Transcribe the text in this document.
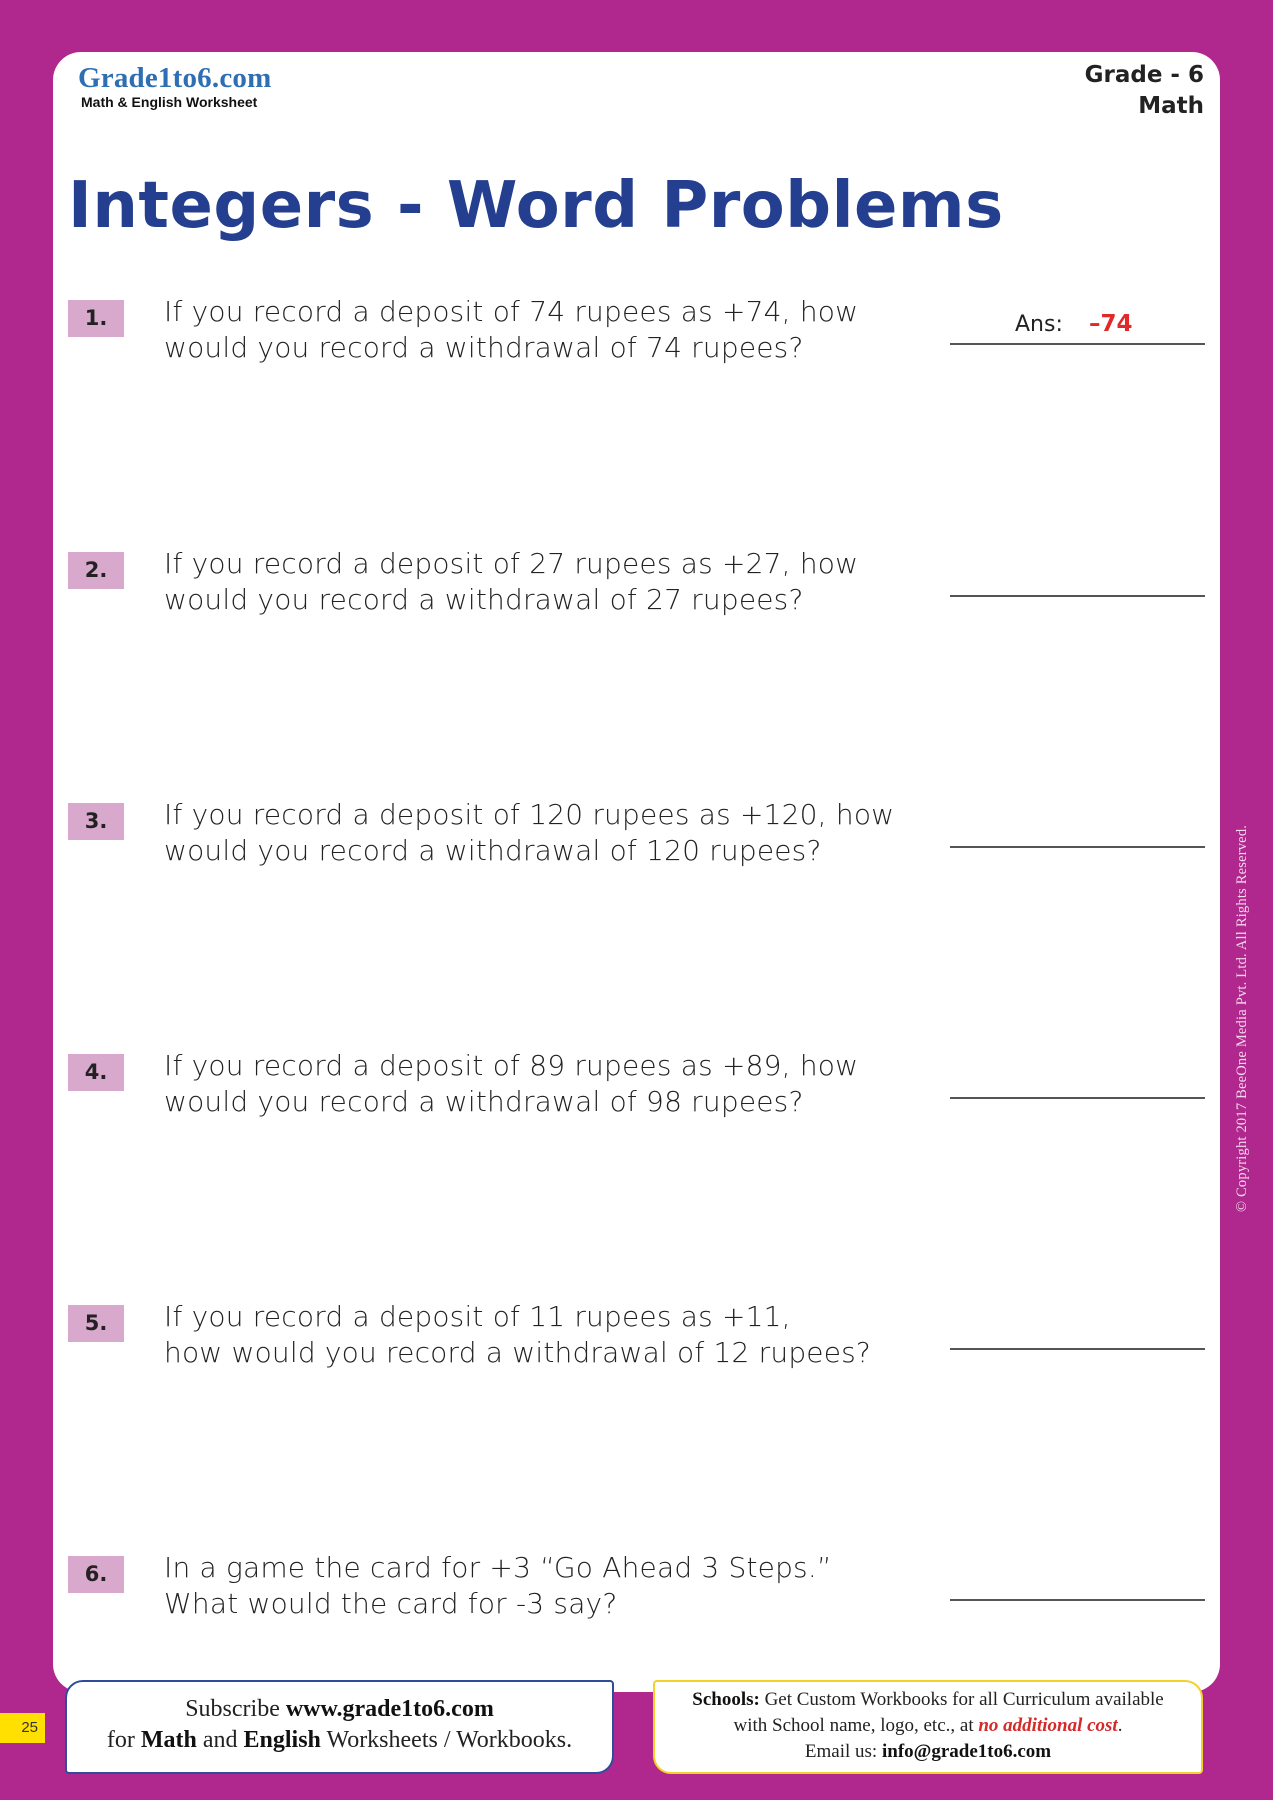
Grade1to6.com
Math & English Worksheet
Grade - 6
Math
Integers - Word Problems
1.	If you record a deposit of 74 rupees as +74, how
would you record a withdrawal of 74 rupees?
Ans: –74
2.	If you record a deposit of 27 rupees as +27, how
would you record a withdrawal of 27 rupees?
3.	If you record a deposit of 120 rupees as +120, how
would you record a withdrawal of 120 rupees?
4.	If you record a deposit of 89 rupees as +89, how
would you record a withdrawal of 98 rupees?
5.	If you record a deposit of 11 rupees as +11,
how would you record a withdrawal of 12 rupees?
6.	In a game the card for +3 “Go Ahead 3 Steps.”
What would the card for -3 say?
© Copyright 2017 BeeOne Media Pvt. Ltd. All Rights Reserved.
25
Subscribe www.grade1to6.com
for Math and English Worksheets / Workbooks.
Schools: Get Custom Workbooks for all Curriculum available
with School name, logo, etc., at no additional cost.
Email us: info@grade1to6.com
